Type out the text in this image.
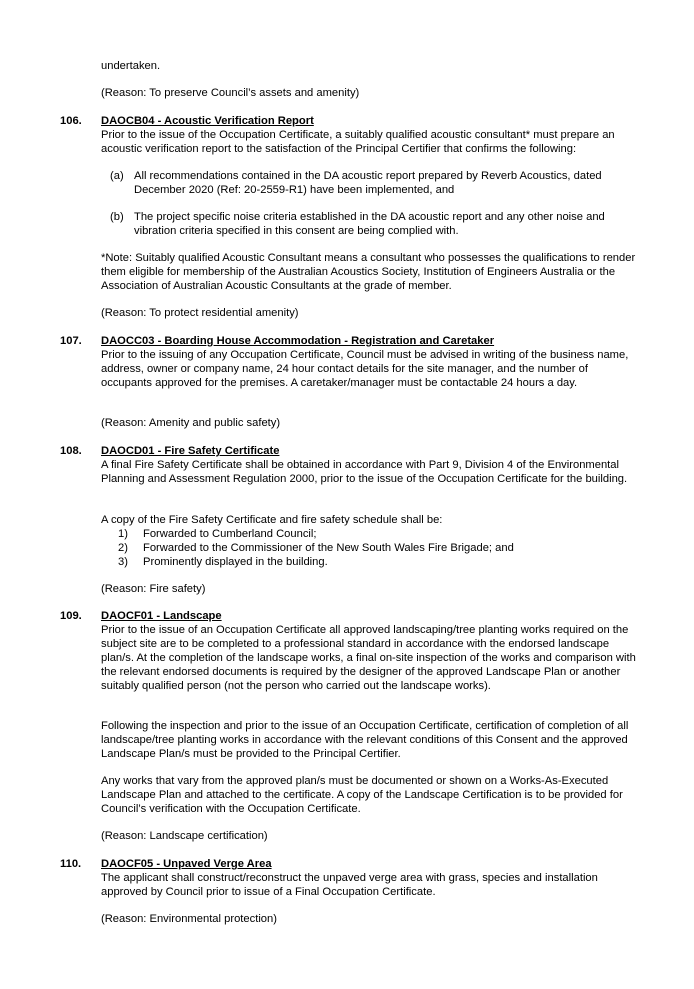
undertaken.

(Reason: To preserve Council’s assets and amenity)

106. DAOCB04 - Acoustic Verification Report

Prior to the issue of the Occupation Certificate, a suitably qualified acoustic consultant* must prepare an acoustic verification report to the satisfaction of the Principal Certifier that confirms the following:

(a) All recommendations contained in the DA acoustic report prepared by Reverb Acoustics, dated December 2020 (Ref: 20-2559-R1) have been implemented, and

(b) The project specific noise criteria established in the DA acoustic report and any other noise and vibration criteria specified in this consent are being complied with.

*Note: Suitably qualified Acoustic Consultant means a consultant who possesses the qualifications to render them eligible for membership of the Australian Acoustics Society, Institution of Engineers Australia or the Association of Australian Acoustic Consultants at the grade of member.

(Reason: To protect residential amenity)

107. DAOCC03 - Boarding House Accommodation - Registration and Caretaker

Prior to the issuing of any Occupation Certificate, Council must be advised in writing of the business name, address, owner or company name, 24 hour contact details for the site manager, and the number of occupants approved for the premises. A caretaker/manager must be contactable 24 hours a day.

(Reason: Amenity and public safety)

108. DAOCD01 - Fire Safety Certificate

A final Fire Safety Certificate shall be obtained in accordance with Part 9, Division 4 of the Environmental Planning and Assessment Regulation 2000, prior to the issue of the Occupation Certificate for the building.

A copy of the Fire Safety Certificate and fire safety schedule shall be:

1) Forwarded to Cumberland Council;
2) Forwarded to the Commissioner of the New South Wales Fire Brigade; and
3) Prominently displayed in the building.

(Reason: Fire safety)

109. DAOCF01 - Landscape

Prior to the issue of an Occupation Certificate all approved landscaping/tree planting works required on the subject site are to be completed to a professional standard in accordance with the endorsed landscape plan/s. At the completion of the landscape works, a final on-site inspection of the works and comparison with the relevant endorsed documents is required by the designer of the approved Landscape Plan or another suitably qualified person (not the person who carried out the landscape works).

Following the inspection and prior to the issue of an Occupation Certificate, certification of completion of all landscape/tree planting works in accordance with the relevant conditions of this Consent and the approved Landscape Plan/s must be provided to the Principal Certifier.

Any works that vary from the approved plan/s must be documented or shown on a Works-As-Executed Landscape Plan and attached to the certificate. A copy of the Landscape Certification is to be provided for Council’s verification with the Occupation Certificate.

(Reason: Landscape certification)

110. DAOCF05 - Unpaved Verge Area

The applicant shall construct/reconstruct the unpaved verge area with grass, species and installation approved by Council prior to issue of a Final Occupation Certificate.

(Reason: Environmental protection)
